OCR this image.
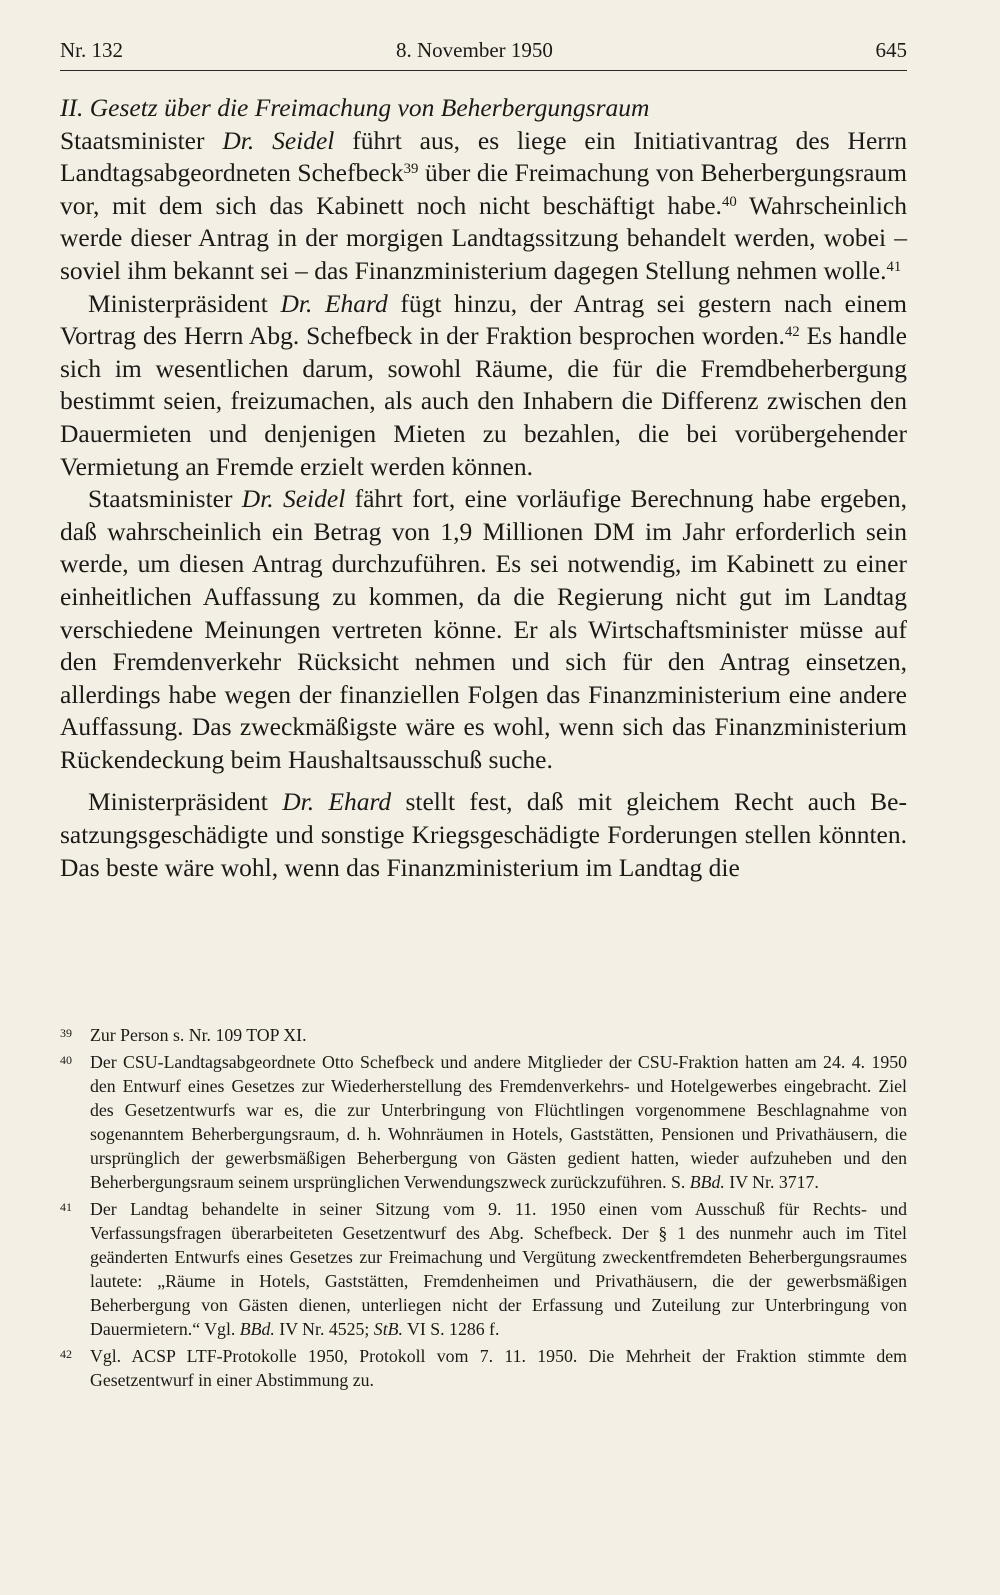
Nr. 132	8. November 1950	645

II. Gesetz über die Freimachung von Beherbergungsraum

Staatsminister Dr. Seidel führt aus, es liege ein Initiativantrag des Herrn Landtagsabgeordneten Schefbeck$^{39}$ über die Freimachung von Beherbergungsraum vor, mit dem sich das Kabinett noch nicht beschäftigt habe.$^{40}$ Wahrscheinlich werde dieser Antrag in der morgigen Landtagssitzung behandelt werden, wobei – soviel ihm bekannt sei – das Finanzministerium dagegen Stellung nehmen wolle.$^{41}$

Ministerpräsident Dr. Ehard fügt hinzu, der Antrag sei gestern nach einem Vortrag des Herrn Abg. Schefbeck in der Fraktion besprochen worden.$^{42}$ Es handle sich im wesentlichen darum, sowohl Räume, die für die Fremdbeherbergung bestimmt seien, freizumachen, als auch den Inhabern die Differenz zwischen den Dauermieten und denjenigen Mieten zu bezahlen, die bei vorübergehender Vermietung an Fremde erzielt werden können.

Staatsminister Dr. Seidel fährt fort, eine vorläufige Berechnung habe ergeben, daß wahrscheinlich ein Betrag von 1,9 Millionen DM im Jahr erforderlich sein werde, um diesen Antrag durchzuführen. Es sei notwendig, im Kabinett zu einer einheitlichen Auffassung zu kommen, da die Regierung nicht gut im Landtag verschiedene Meinungen vertreten könne. Er als Wirtschaftsminister müsse auf den Fremdenverkehr Rücksicht nehmen und sich für den Antrag einsetzen, allerdings habe wegen der finanziellen Folgen das Finanzministerium eine andere Auffassung. Das zweckmäßigste wäre es wohl, wenn sich das Finanzministerium Rückendeckung beim Haushaltsausschuß suche.

Ministerpräsident Dr. Ehard stellt fest, daß mit gleichem Recht auch Besatzungsgeschädigte und sonstige Kriegsgeschädigte Forderungen stellen könnten. Das beste wäre wohl, wenn das Finanzministerium im Landtag die

39 Zur Person s. Nr. 109 TOP XI.

40 Der CSU-Landtagsabgeordnete Otto Schefbeck und andere Mitglieder der CSU-Fraktion hatten am 24. 4. 1950 den Entwurf eines Gesetzes zur Wiederherstellung des Fremdenverkehrs- und Hotelgewerbes eingebracht. Ziel des Gesetzentwurfs war es, die zur Unterbringung von Flüchtlingen vorgenommene Beschlagnahme von sogenanntem Beherbergungsraum, d. h. Wohnräumen in Hotels, Gaststätten, Pensionen und Privathäusern, die ursprünglich der gewerbsmäßigen Beherbergung von Gästen gedient hatten, wieder aufzuheben und den Beherbergungsraum seinem ursprünglichen Verwendungszweck zurückzuführen. S. BBd. IV Nr. 3717.

41 Der Landtag behandelte in seiner Sitzung vom 9. 11. 1950 einen vom Ausschuß für Rechts- und Verfassungsfragen überarbeiteten Gesetzentwurf des Abg. Schefbeck. Der § 1 des nunmehr auch im Titel geänderten Entwurfs eines Gesetzes zur Freimachung und Vergütung zweckentfremdeten Beherbergungsraumes lautete: „Räume in Hotels, Gaststätten, Fremdenheimen und Privathäusern, die der gewerbsmäßigen Beherbergung von Gästen dienen, unterliegen nicht der Erfassung und Zuteilung zur Unterbringung von Dauermietern.“ Vgl. BBd. IV Nr. 4525; StB. VI S. 1286 f.

42 Vgl. ACSP LTF-Protokolle 1950, Protokoll vom 7. 11. 1950. Die Mehrheit der Fraktion stimmte dem Gesetzentwurf in einer Abstimmung zu.
